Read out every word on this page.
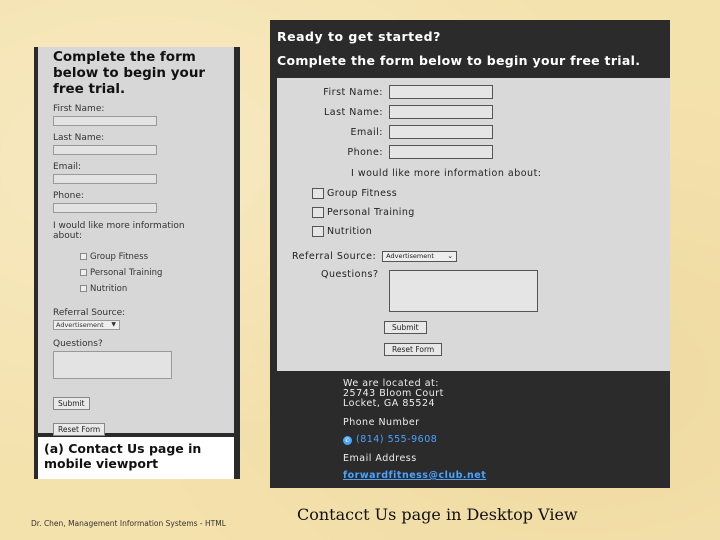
Complete the form below to begin your free trial.
First Name:
Last Name:
Email:
Phone:
I would like more information about:
Group Fitness
Personal Training
Nutrition
Referral Source:
Advertisement ▼
Questions?
Submit
Reset Form
(a) Contact Us page in mobile viewport
Ready to get started?
Complete the form below to begin your free trial.
First Name:
Last Name:
Email:
Phone:
I would like more information about:
Group Fitness
Personal Training
Nutrition
Referral Source:	Advertisement ⌄
Questions?
Submit
Reset Form
We are located at:
25743 Bloom Court
Locket, GA 85524
Phone Number
✆ (814) 555-9608
Email Address
forwardfitness@club.net
Dr. Chen, Management Information Systems - HTML	Contacct Us page in Desktop View
